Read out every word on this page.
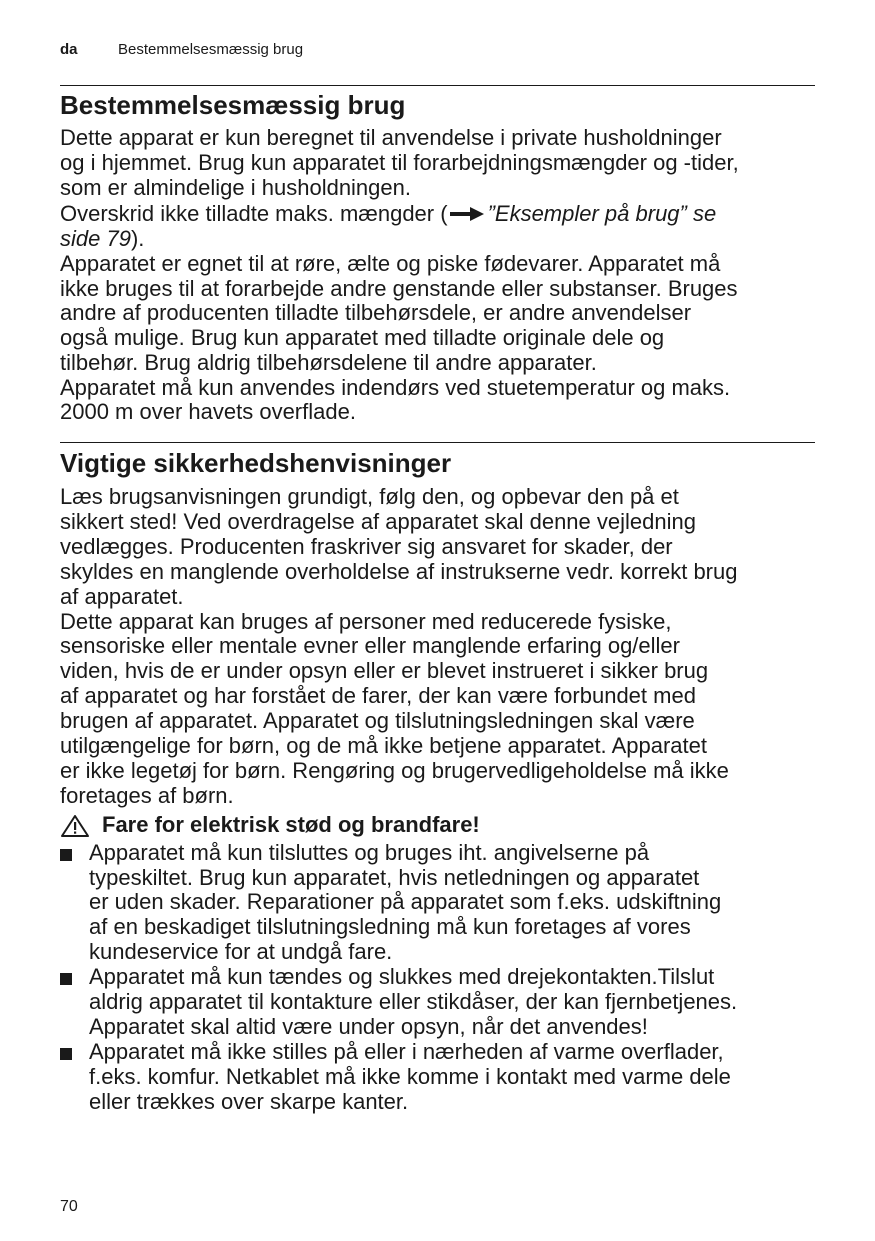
da	Bestemmelsesmæssig brug
Bestemmelsesmæssig brug
Dette apparat er kun beregnet til anvendelse i private husholdninger
og i hjemmet. Brug kun apparatet til forarbejdningsmængder og -tider,
som er almindelige i husholdningen.
Overskrid ikke tilladte maks. mængder ( ”Eksempler på brug” se
side 79).
Apparatet er egnet til at røre, ælte og piske fødevarer. Apparatet må
ikke bruges til at forarbejde andre genstande eller substanser. Bruges
andre af producenten tilladte tilbehørsdele, er andre anvendelser
også mulige. Brug kun apparatet med tilladte originale dele og
tilbehør. Brug aldrig tilbehørsdelene til andre apparater.
Apparatet må kun anvendes indendørs ved stuetemperatur og maks.
2000 m over havets overflade.
Vigtige sikkerhedshenvisninger
Læs brugsanvisningen grundigt, følg den, og opbevar den på et
sikkert sted! Ved overdragelse af apparatet skal denne vejledning
vedlægges. Producenten fraskriver sig ansvaret for skader, der
skyldes en manglende overholdelse af instrukserne vedr. korrekt brug
af apparatet.
Dette apparat kan bruges af personer med reducerede fysiske,
sensoriske eller mentale evner eller manglende erfaring og/eller
viden, hvis de er under opsyn eller er blevet instrueret i sikker brug
af apparatet og har forstået de farer, der kan være forbundet med
brugen af apparatet. Apparatet og tilslutningsledningen skal være
utilgængelige for børn, og de må ikke betjene apparatet. Apparatet
er ikke legetøj for børn. Rengøring og brugervedligeholdelse må ikke
foretages af børn.
Fare for elektrisk stød og brandfare!
Apparatet må kun tilsluttes og bruges iht. angivelserne på
typeskiltet. Brug kun apparatet, hvis netledningen og apparatet
er uden skader. Reparationer på apparatet som f.eks. udskiftning
af en beskadiget tilslutningsledning må kun foretages af vores
kundeservice for at undgå fare.
Apparatet må kun tændes og slukkes med drejekontakten.Tilslut
aldrig apparatet til kontakture eller stikdåser, der kan fjernbetjenes.
Apparatet skal altid være under opsyn, når det anvendes!
Apparatet må ikke stilles på eller i nærheden af varme overflader,
f.eks. komfur. Netkablet må ikke komme i kontakt med varme dele
eller trækkes over skarpe kanter.
70
